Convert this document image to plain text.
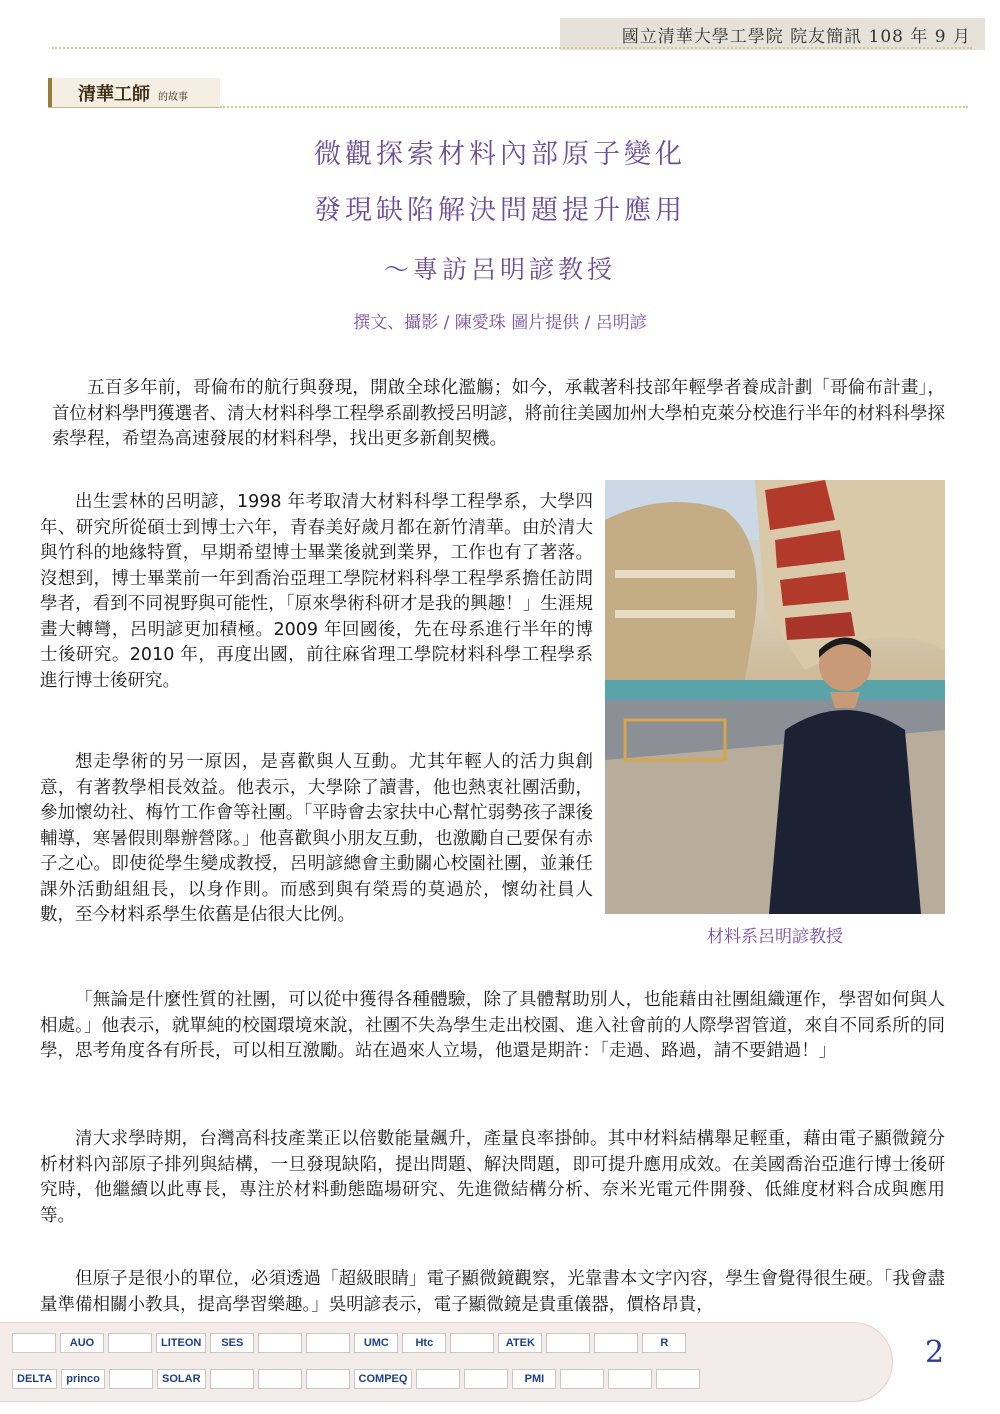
國立清華大學工學院 院友簡訊 108 年 9 月
清華工師 的故事
微觀探索材料內部原子變化
發現缺陷解決問題提升應用
～專訪呂明諺教授
撰文、攝影 / 陳愛珠 圖片提供 / 呂明諺

五百多年前，哥倫布的航行與發現，開啟全球化濫觴；如今，承載著科技部年輕學者養成計劃「哥倫布計畫」，首位材料學門獲選者、清大材料科學工程學系副教授呂明諺，將前往美國加州大學柏克萊分校進行半年的材料科學探索學程，希望為高速發展的材料科學，找出更多新創契機。

出生雲林的呂明諺，1998 年考取清大材料科學工程學系，大學四年、研究所從碩士到博士六年，青春美好歲月都在新竹清華。由於清大與竹科的地緣特質，早期希望博士畢業後就到業界，工作也有了著落。沒想到，博士畢業前一年到喬治亞理工學院材料科學工程學系擔任訪問學者，看到不同視野與可能性，「原來學術科研才是我的興趣！」生涯規畫大轉彎，呂明諺更加積極。2009 年回國後，先在母系進行半年的博士後研究。2010 年，再度出國，前往麻省理工學院材料科學工程學系進行博士後研究。

想走學術的另一原因，是喜歡與人互動。尤其年輕人的活力與創意，有著教學相長效益。他表示，大學除了讀書，他也熱衷社團活動，參加懷幼社、梅竹工作會等社團。「平時會去家扶中心幫忙弱勢孩子課後輔導，寒暑假則舉辦營隊。」他喜歡與小朋友互動，也激勵自己要保有赤子之心。即使從學生變成教授，呂明諺總會主動關心校園社團，並兼任課外活動組組長，以身作則。而感到與有榮焉的莫過於，懷幼社員人數，至今材料系學生依舊是佔很大比例。

材料系呂明諺教授

「無論是什麼性質的社團，可以從中獲得各種體驗，除了具體幫助別人，也能藉由社團組織運作，學習如何與人相處。」他表示，就單純的校園環境來說，社團不失為學生走出校園、進入社會前的人際學習管道，來自不同系所的同學，思考角度各有所長，可以相互激勵。站在過來人立場，他還是期許：「走過、路過，請不要錯過！」

清大求學時期，台灣高科技產業正以倍數能量飆升，產量良率掛帥。其中材料結構舉足輕重，藉由電子顯微鏡分析材料內部原子排列與結構，一旦發現缺陷，提出問題、解決問題，即可提升應用成效。在美國喬治亞進行博士後研究時，他繼續以此專長，專注於材料動態臨場研究、先進微結構分析、奈米光電元件開發、低維度材料合成與應用等。

但原子是很小的單位，必須透過「超級眼睛」電子顯微鏡觀察，光靠書本文字內容，學生會覺得很生硬。「我會盡量準備相關小教具，提高學習樂趣。」吳明諺表示，電子顯微鏡是貴重儀器，價格昂貴，

AUO	LITEON	SES	UMC	Htc	ATEK	R
DELTA	princo	SOLAR	COMPEQ	PMI
2
